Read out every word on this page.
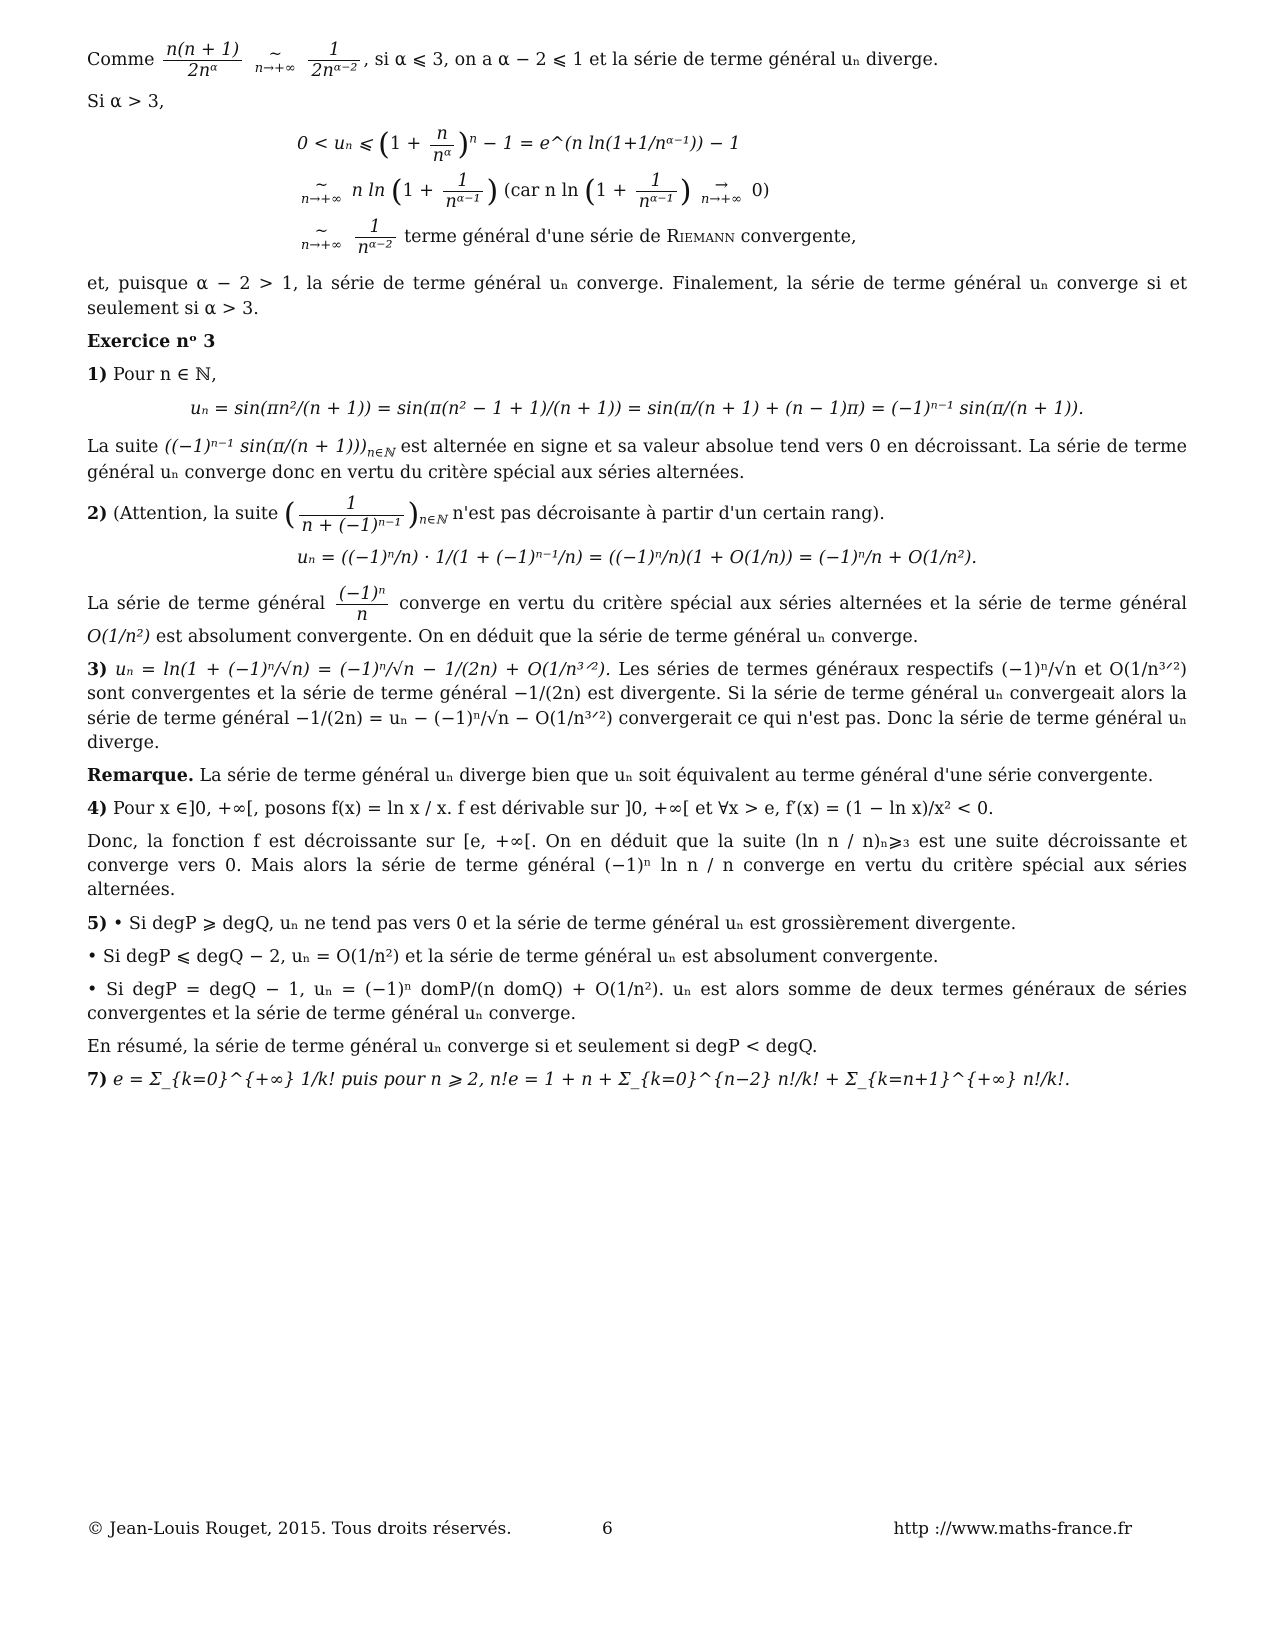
Comme $\frac{n(n + 1)}{\text{2nᵅ}}$
	~
$n\to+\infty \frac{1}{\text{2nᵅ⁻²}}$ , si α ⩽ 3, on a α − 2 ⩽ 1 et la série de terme général uₙ diverge.

Si α > 3,

0 < uₙ ⩽ $(1 + \frac{n}{\text{nᵅ}} )^n - 1$ = e^(n ln(1+1/nᵅ⁻¹)) − 1
~
n→+∞ n $\ln (1 + \frac{1}{\text{nᵅ⁻¹}}$ ) (car n $\ln (1 + \frac{1}{\text{nᵅ⁻¹}}$ )	→
n→+∞ 0)
~
$n\to+\infty \frac{1}{\text{nᵅ⁻²}}$ terme général d'une série de Riemann convergente,

et, puisque α − 2 > 1, la série de terme général uₙ converge. Finalement, la série de terme général uₙ converge si et seulement si α > 3.

Exercice nᵒ 3

1) Pour n ∈ ℕ,

uₙ = sin(πn²/(n + 1)) = sin(π(n² − 1 + 1)/(n + 1)) = sin(π/(n + 1) + (n − 1)π) = (−1)ⁿ⁻¹ sin(π/(n + 1)).

La suite ((−1)ⁿ⁻¹ $\sin(\pi/(n + 1)))_{n\in ℕ}$ est alternée en signe et sa valeur absolue tend vers 0 en décroissant. La série de terme général uₙ converge donc en vertu du critère spécial aux séries alternées.

2) (Attention, la suite ( $\frac{1}{\text{n + (−1)ⁿ⁻¹}} )_{n\in ℕ}$ n'est pas décroisante à partir d'un certain rang).

uₙ = ((−1)ⁿ/n) · 1/(1 + (−1)ⁿ⁻¹/n) = ((−1)ⁿ/n)(1 + O(1/n)) = (−1)ⁿ/n + O(1/n²).

La série de terme général $\frac{\text{(−1)ⁿ}}{n}$ converge en vertu du critère spécial aux séries alternées et la série de terme général O(1/n²) est absolument convergente. On en déduit que la série de terme général uₙ converge.

3) uₙ = ln(1 + (−1)ⁿ/√n) = (−1)ⁿ/√n − 1/(2n) + O(1/n³ᐟ²). Les séries de termes généraux respectifs (−1)ⁿ/√n et O(1/n³ᐟ²) sont convergentes et la série de terme général −1/(2n) est divergente. Si la série de terme général uₙ convergeait alors la série de terme général −1/(2n) = uₙ − (−1)ⁿ/√n − O(1/n³ᐟ²) convergerait ce qui n'est pas. Donc la série de terme général uₙ diverge.

Remarque. La série de terme général uₙ diverge bien que uₙ soit équivalent au terme général d'une série convergente.

4) Pour x ∈]0, +∞[, posons f(x) = ln x / x. f est dérivable sur ]0, +∞[ et ∀x > e, f′(x) = (1 − ln x)/x² < 0.

Donc, la fonction f est décroissante sur [e, +∞[. On en déduit que la suite (ln n / n)ₙ⩾₃ est une suite décroissante et converge vers 0. Mais alors la série de terme général (−1)ⁿ ln n / n converge en vertu du critère spécial aux séries alternées.

5) • Si degP ⩾ degQ, uₙ ne tend pas vers 0 et la série de terme général uₙ est grossièrement divergente.

• Si degP ⩽ degQ − 2, uₙ = O(1/n²) et la série de terme général uₙ est absolument convergente.

• Si degP = degQ − 1, uₙ = (−1)ⁿ domP/(n domQ) + O(1/n²). uₙ est alors somme de deux termes généraux de séries convergentes et la série de terme général uₙ converge.

En résumé, la série de terme général uₙ converge si et seulement si degP < degQ.

7) e = Σ_{k=0}^{+∞} 1/k! puis pour n ⩾ 2, n!e = 1 + n + Σ_{k=0}^{n−2} n!/k! + Σ_{k=n+1}^{+∞} n!/k!.

© Jean-Louis Rouget, 2015. Tous droits réservés.	6	http ://www.maths-france.fr
